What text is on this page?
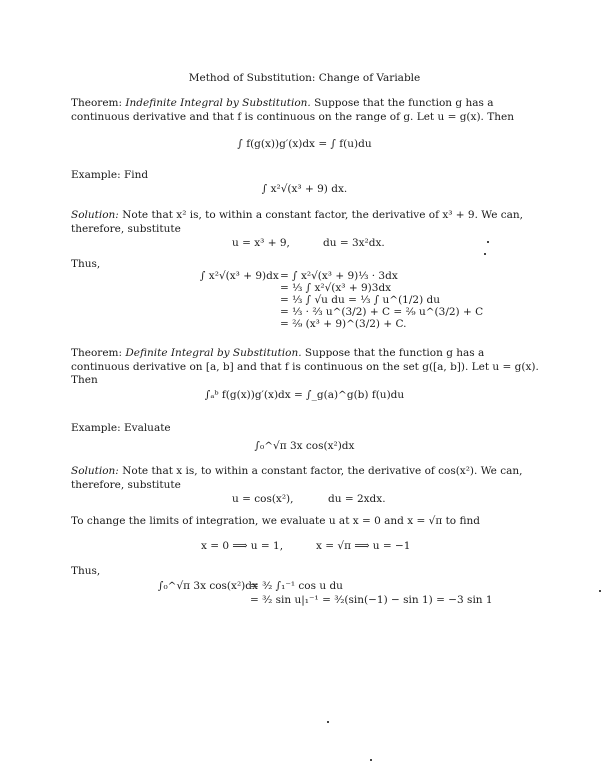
Method of Substitution: Change of Variable
Theorem: Indefinite Integral by Substitution. Suppose that the function g has a continuous derivative and that f is continuous on the range of g. Let u = g(x). Then
∫ f(g(x))g′(x)dx = ∫ f(u)du
Example: Find
∫ x²√(x³ + 9) dx.
Solution: Note that x² is, to within a constant factor, the derivative of x³ + 9. We can, therefore, substitute
u = x³ + 9,	du = 3x²dx.
Thus,
∫ x²√(x³ + 9)dx = ∫ x²√(x³ + 9)⅓ · 3dx
= ⅓ ∫ x²√(x³ + 9)3dx
= ⅓ ∫ √u du = ⅓ ∫ u^(1/2) du
= ⅓ · ⅔ u^(3/2) + C = ²⁄₉ u^(3/2) + C
= ²⁄₉ (x³ + 9)^(3/2) + C.
Theorem: Definite Integral by Substitution. Suppose that the function g has a continuous derivative on [a, b] and that f is continuous on the set g([a, b]). Let u = g(x). Then
∫ₐᵇ f(g(x))g′(x)dx = ∫_g(a)^g(b) f(u)du
Example: Evaluate
∫₀^√π 3x cos(x²)dx
Solution: Note that x is, to within a constant factor, the derivative of cos(x²). We can, therefore, substitute
u = cos(x²),	du = 2xdx.
To change the limits of integration, we evaluate u at x = 0 and x = √π to find
x = 0 ⟹ u = 1,	x = √π ⟹ u = −1
Thus,
∫₀^√π 3x cos(x²)dx
= ³⁄₂ ∫₁⁻¹ cos u du
= ³⁄₂ sin u|₁⁻¹ = ³⁄₂(sin(−1) − sin 1) = −3 sin 1
